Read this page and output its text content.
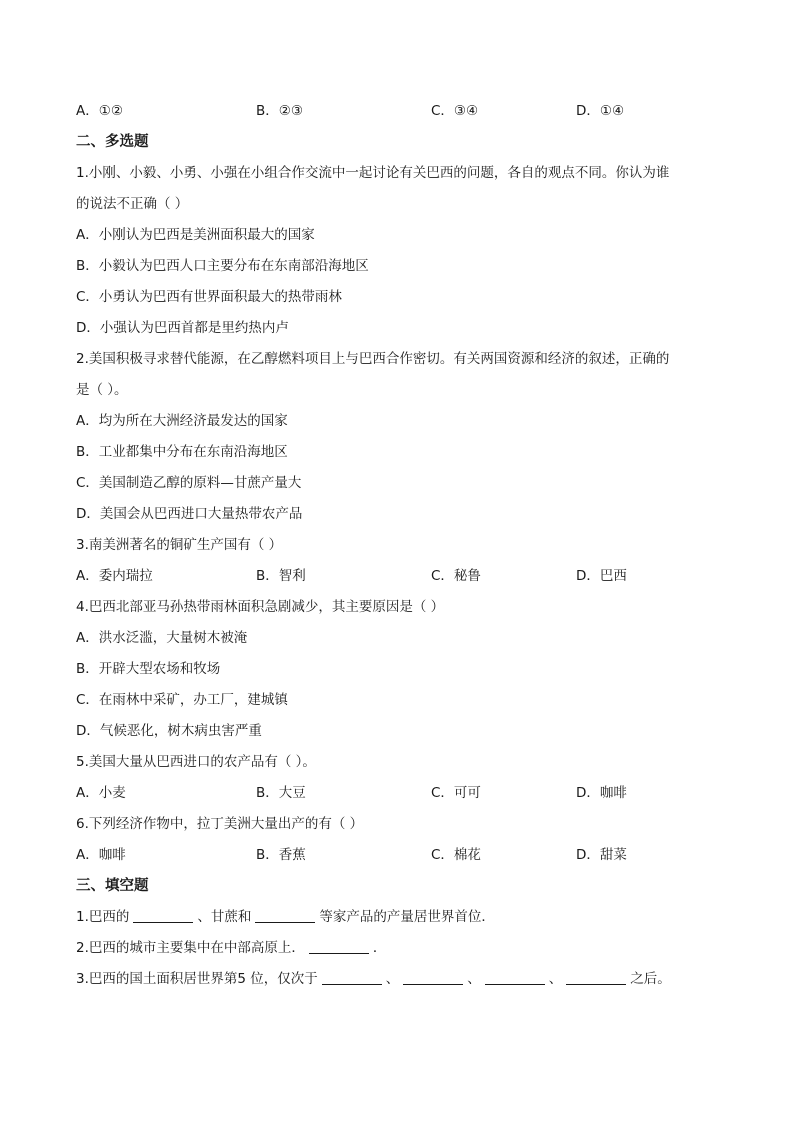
A．①②	B．②③	C．③④	D．①④
二、多选题
1.小刚、小毅、小勇、小强在小组合作交流中一起讨论有关巴西的问题，各自的观点不同。你认为谁
的说法不正确（ ）
A．小刚认为巴西是美洲面积最大的国家
B．小毅认为巴西人口主要分布在东南部沿海地区
C．小勇认为巴西有世界面积最大的热带雨林
D．小强认为巴西首都是里约热内卢
2.美国积极寻求替代能源，在乙醇燃料项目上与巴西合作密切。有关两国资源和经济的叙述，正确的
是（ ）。
A．均为所在大洲经济最发达的国家
B．工业都集中分布在东南沿海地区
C．美国制造乙醇的原料—甘蔗产量大
D．美国会从巴西进口大量热带农产品
3.南美洲著名的铜矿生产国有（ ）
A．委内瑞拉	B．智利	C．秘鲁	D．巴西
4.巴西北部亚马孙热带雨林面积急剧减少，其主要原因是（ ）
A．洪水泛滥，大量树木被淹
B．开辟大型农场和牧场
C．在雨林中采矿，办工厂，建城镇
D．气候恶化，树木病虫害严重
5.美国大量从巴西进口的农产品有（ ）。
A．小麦	B．大豆	C．可可	D．咖啡
6.下列经济作物中，拉丁美洲大量出产的有（ ）
A．咖啡	B．香蕉	C．棉花	D．甜菜
三、填空题
1.巴西的	、甘蔗和	等家产品的产量居世界首位．
2.巴西的城市主要集中在中部高原上．	．
3.巴西的国土面积居世界第5 位，仅次于	、	、	、	之后。
